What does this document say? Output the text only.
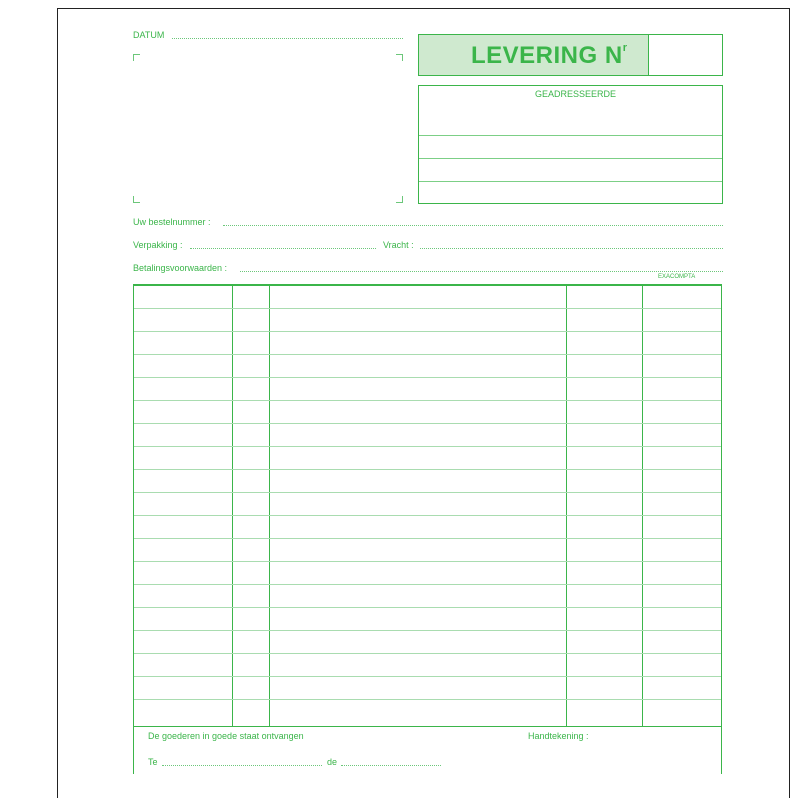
DATUM
LEVERING $N^r$
GEADRESSEERDE
Uw bestelnummer :
Verpakking :	Vracht :
Betalingsvoorwaarden :
EXACOMPTA
De goederen in goede staat ontvangen	Handtekening :
Te	de
